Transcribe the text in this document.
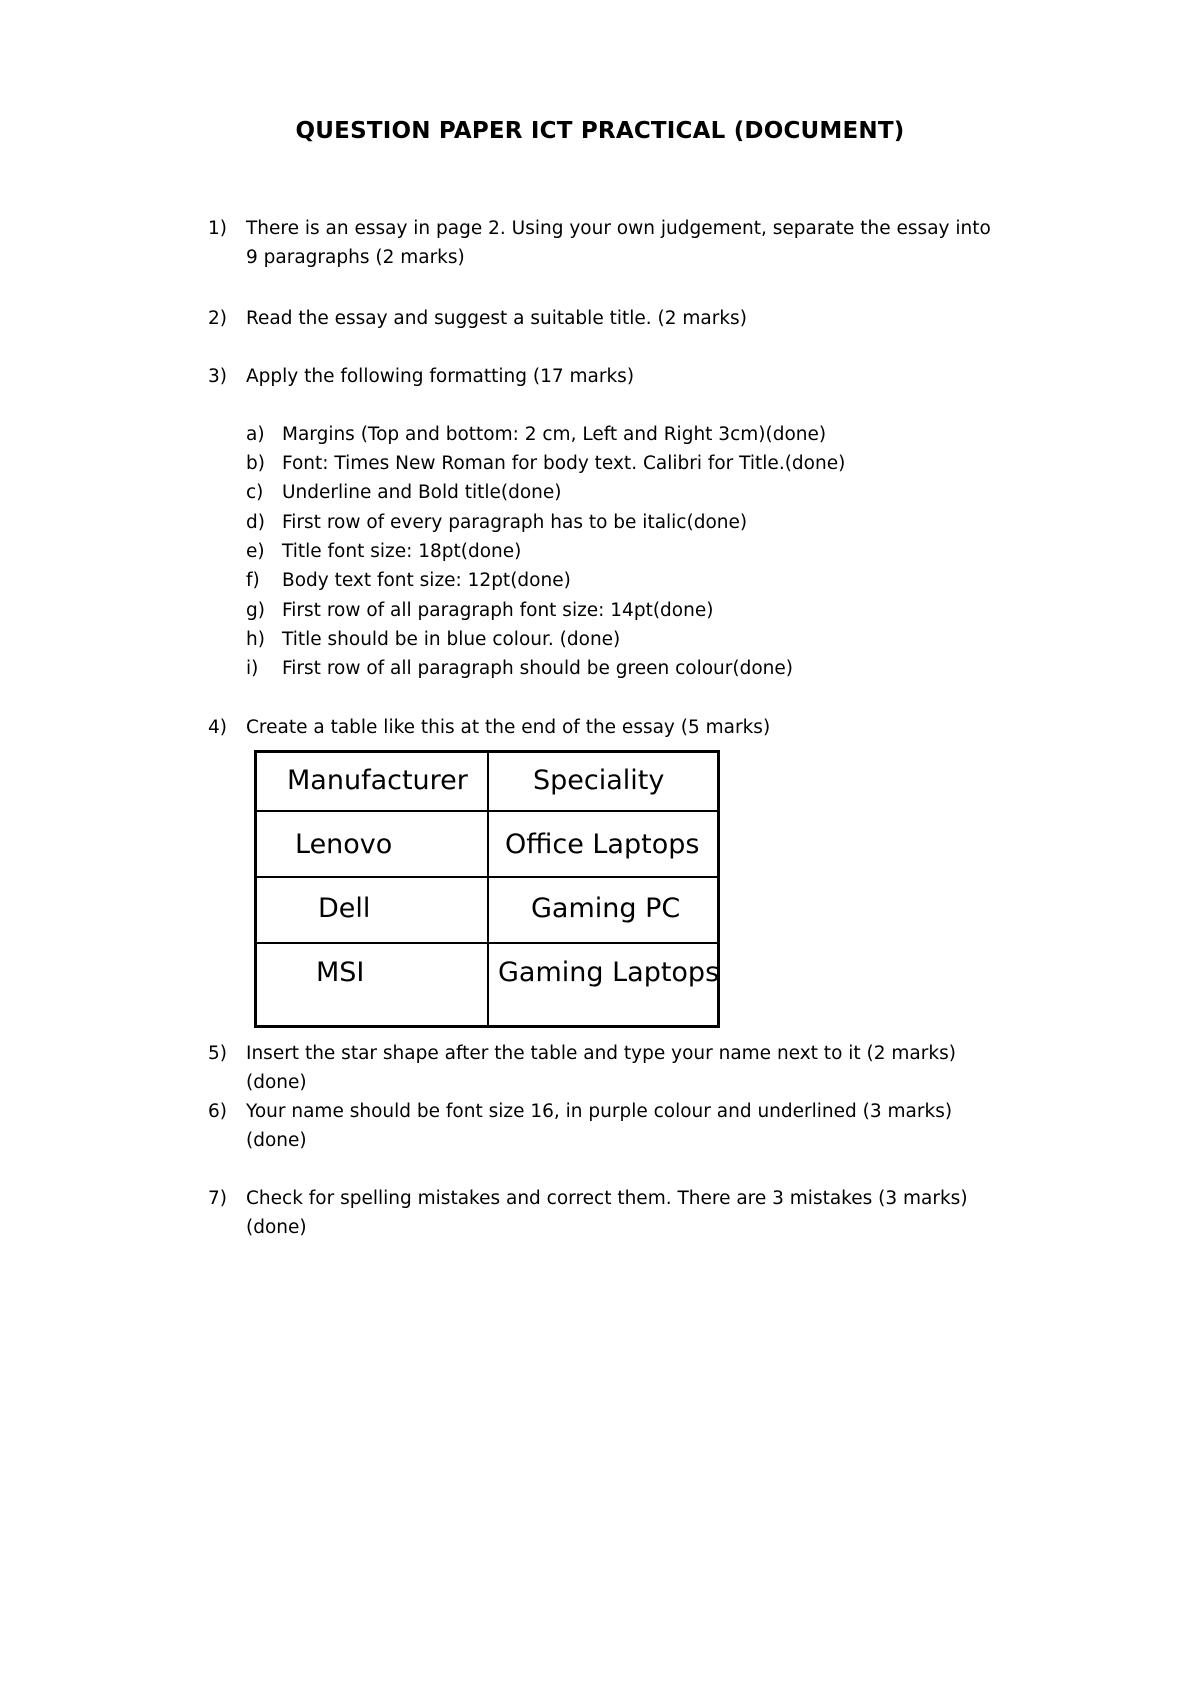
QUESTION PAPER ICT PRACTICAL (DOCUMENT)
1)	There is an essay in page 2. Using your own judgement, separate the essay into 9 paragraphs (2 marks)
2)	Read the essay and suggest a suitable title. (2 marks)
3)	Apply the following formatting (17 marks)
a) Margins (Top and bottom: 2 cm, Left and Right 3cm)(done)
b) Font: Times New Roman for body text. Calibri for Title.(done)
c)	Underline and Bold title(done)
d) First row of every paragraph has to be italic(done)
e) Title font size: 18pt(done)
f)	Body text font size: 12pt(done)
g) First row of all paragraph font size: 14pt(done)
h) Title should be in blue colour. (done)
i)	First row of all paragraph should be green colour(done)
4)	Create a table like this at the end of the essay (5 marks)
Manufacturer Speciality
Lenovo	Office Laptops
Dell	Gaming PC
MSI	Gaming Laptops
5)	Insert the star shape after the table and type your name next to it (2 marks)(done)
6)	Your name should be font size 16, in purple colour and underlined (3 marks)(done)
7)	Check for spelling mistakes and correct them. There are 3 mistakes (3 marks)(done)
